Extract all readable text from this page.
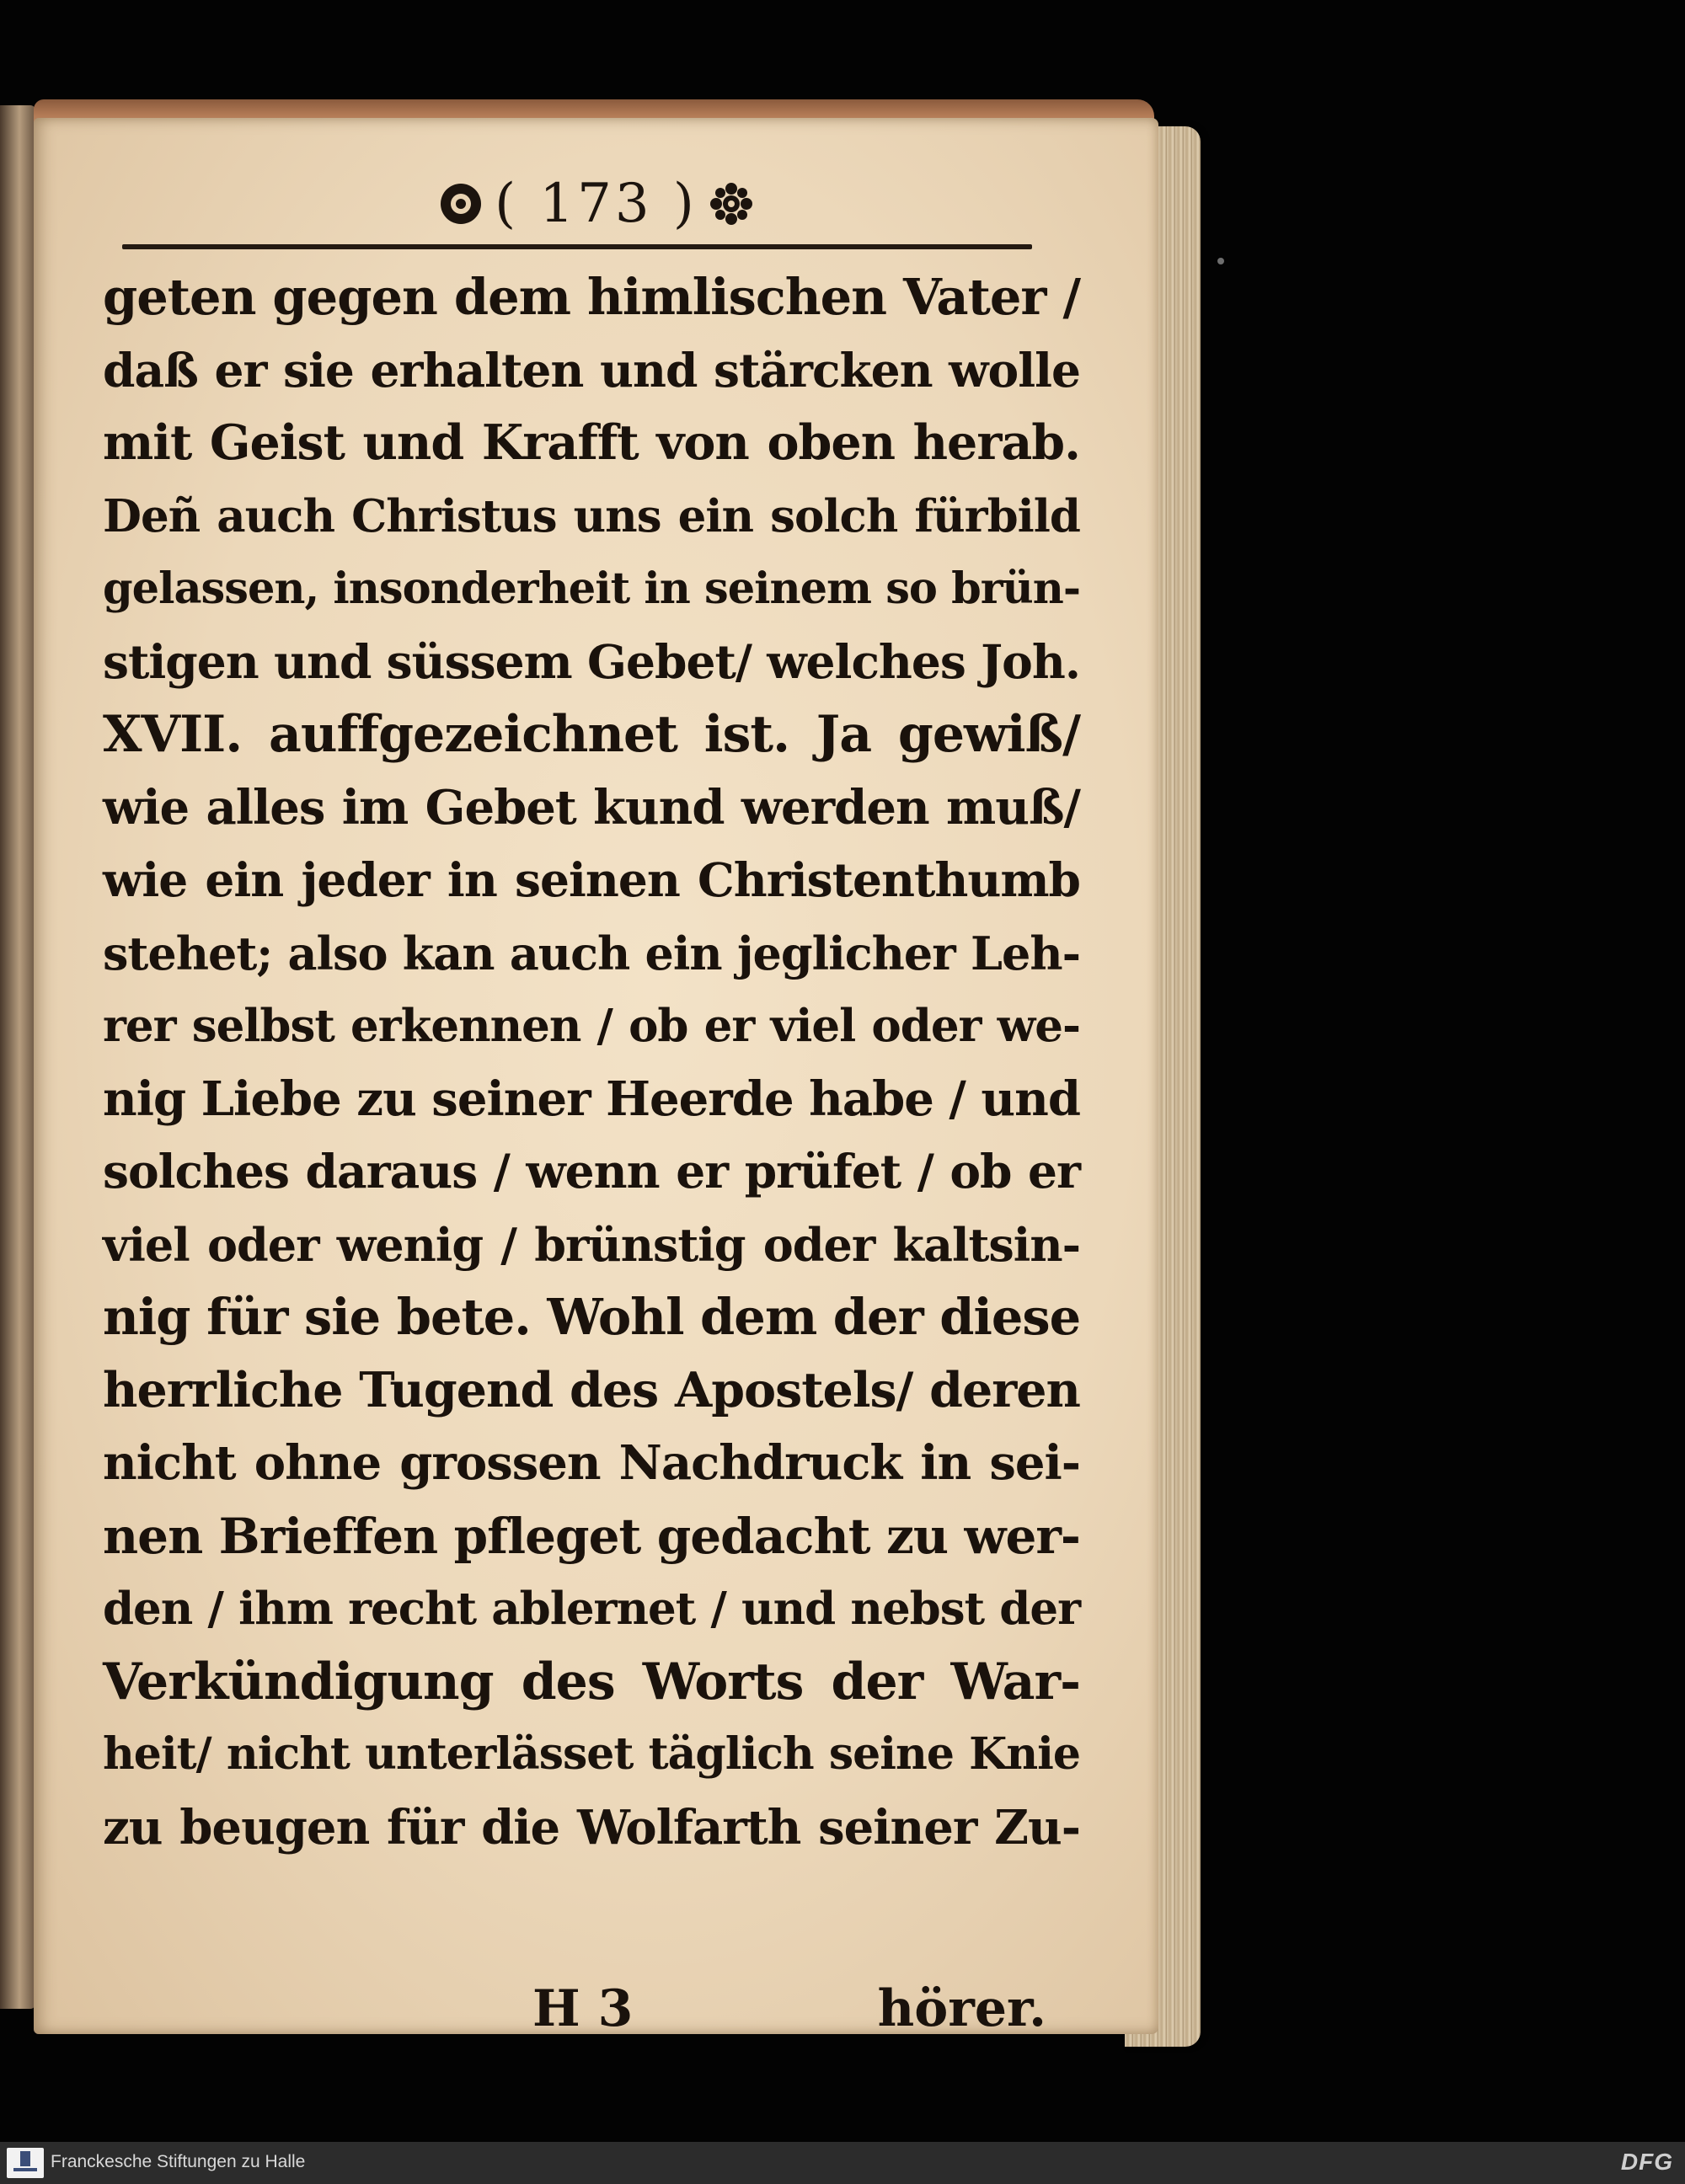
( 173 )
geten gegen dem himlischen Vater /
daß er sie erhalten und stärcken wolle
mit Geist und Krafft von oben herab.
Deñ auch Christus uns ein solch fürbild
gelassen, insonderheit in seinem so brün-
stigen und süssem Gebet/ welches Joh.
XVII. auffgezeichnet ist. Ja gewiß/
wie alles im Gebet kund werden muß/
wie ein jeder in seinen Christenthumb
stehet; also kan auch ein jeglicher Leh-
rer selbst erkennen / ob er viel oder we-
nig Liebe zu seiner Heerde habe / und
solches daraus / wenn er prüfet / ob er
viel oder wenig / brünstig oder kaltsin-
nig für sie bete. Wohl dem der diese
herrliche Tugend des Apostels/ deren
nicht ohne grossen Nachdruck in sei-
nen Brieffen pfleget gedacht zu wer-
den / ihm recht ablernet / und nebst der
Verkündigung des Worts der War-
heit/ nicht unterlässet täglich seine Knie
zu beugen für die Wolfarth seiner Zu-
H 3	hörer.
Franckesche Stiftungen zu Halle	DFG
